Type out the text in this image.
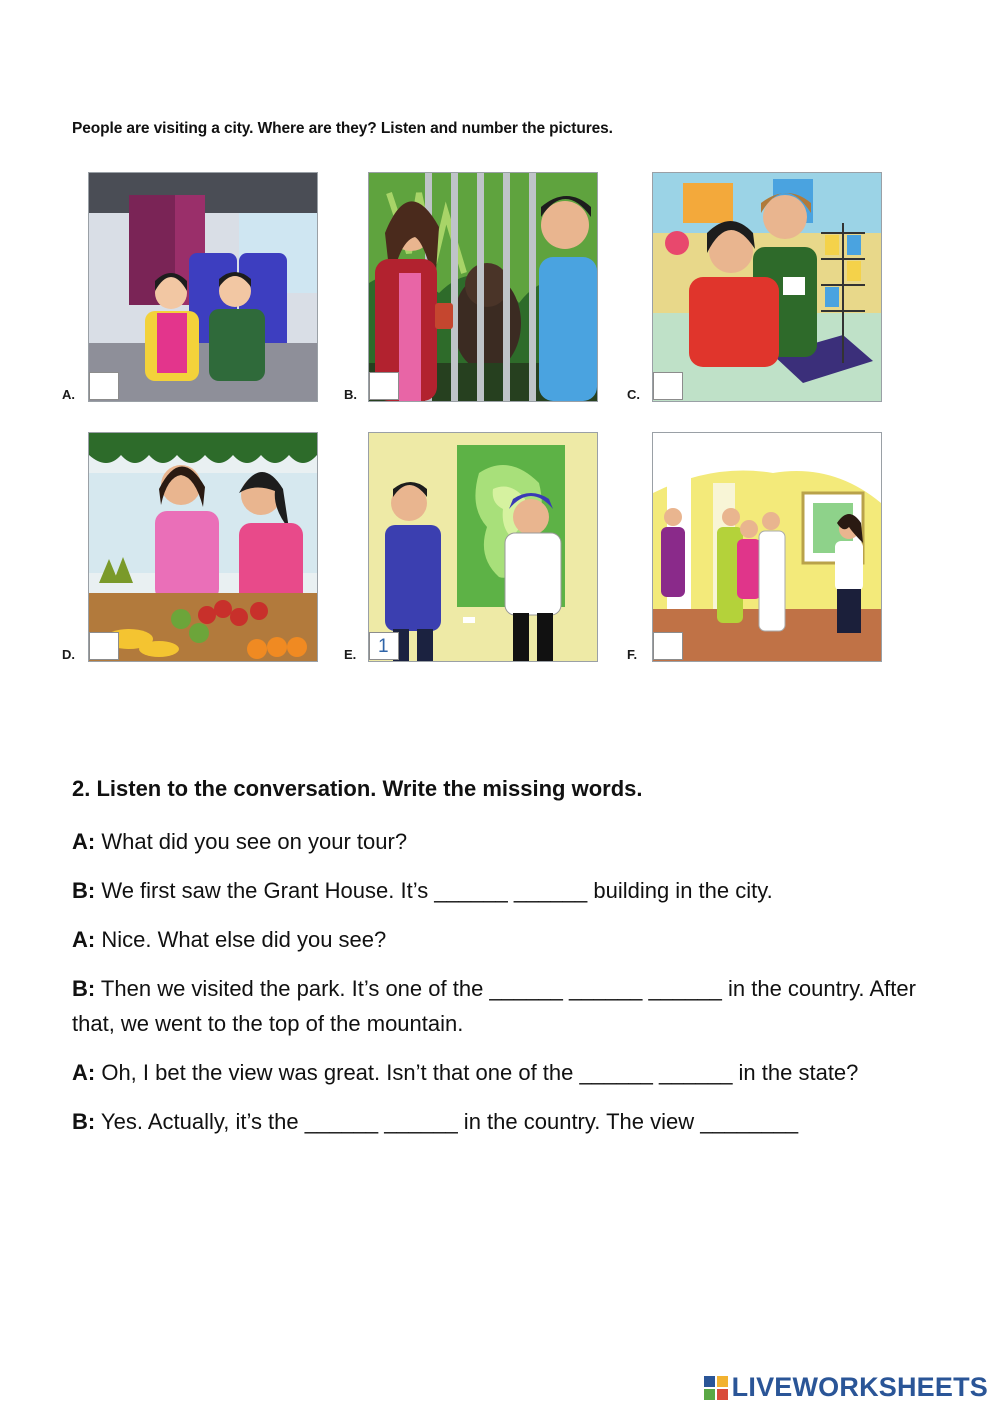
People are visiting a city. Where are they? Listen and number the pictures.
A.	B.	C.
D.	E.	1	F.
2. Listen to the conversation. Write the missing words.
A: What did you see on your tour?
B: We first saw the Grant House. It’s ______ ______ building in the city.
A: Nice. What else did you see?
B: Then we visited the park. It’s one of the ______ ______ ______ in the country. After that, we went to the top of the mountain.
A: Oh, I bet the view was great. Isn’t that one of the ______ ______ in the state?
B: Yes. Actually, it’s the ______ ______ in the country. The view ________
LIVEWORKSHEETS
